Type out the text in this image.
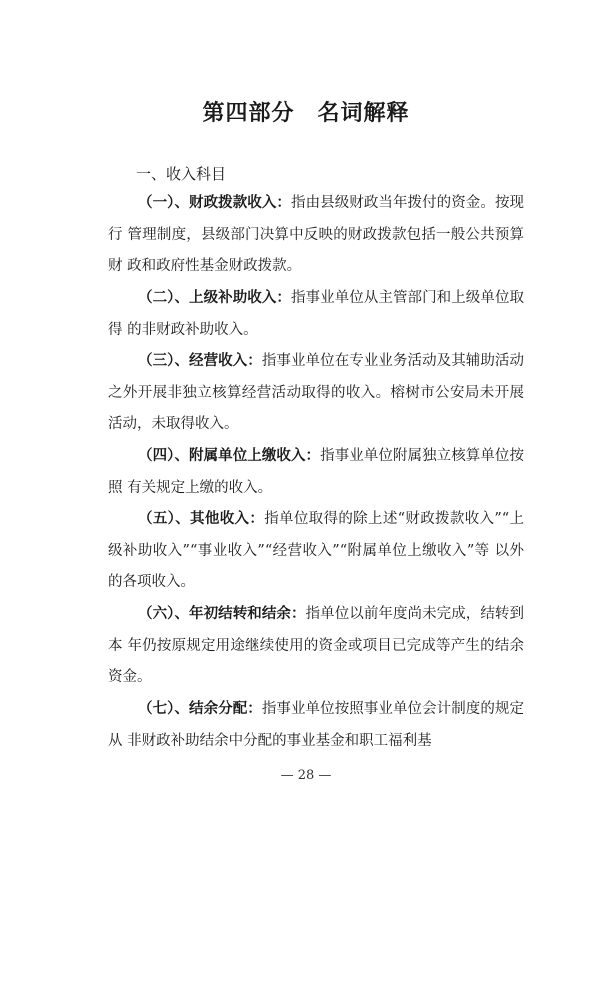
第四部分　名词解释
一、收入科目

（一）、财政拨款收入：指由县级财政当年拨付的资金。按现行 管理制度，县级部门决算中反映的财政拨款包括一般公共预算财 政和政府性基金财政拨款。

（二）、上级补助收入：指事业单位从主管部门和上级单位取得 的非财政补助收入。

（三）、经营收入：指事业单位在专业业务活动及其辅助活动之外开展非独立核算经营活动取得的收入。榕树市公安局未开展活动，未取得收入。

（四）、附属单位上缴收入：指事业单位附属独立核算单位按照 有关规定上缴的收入。

（五）、其他收入：指单位取得的除上述“财政拨款收入”“上 级补助收入”“事业收入”“经营收入”“附属单位上缴收入”等 以外的各项收入。

（六）、年初结转和结余：指单位以前年度尚未完成，结转到本 年仍按原规定用途继续使用的资金或项目已完成等产生的结余资金。

（七）、结余分配：指事业单位按照事业单位会计制度的规定从 非财政补助结余中分配的事业基金和职工福利基

— 28 —
